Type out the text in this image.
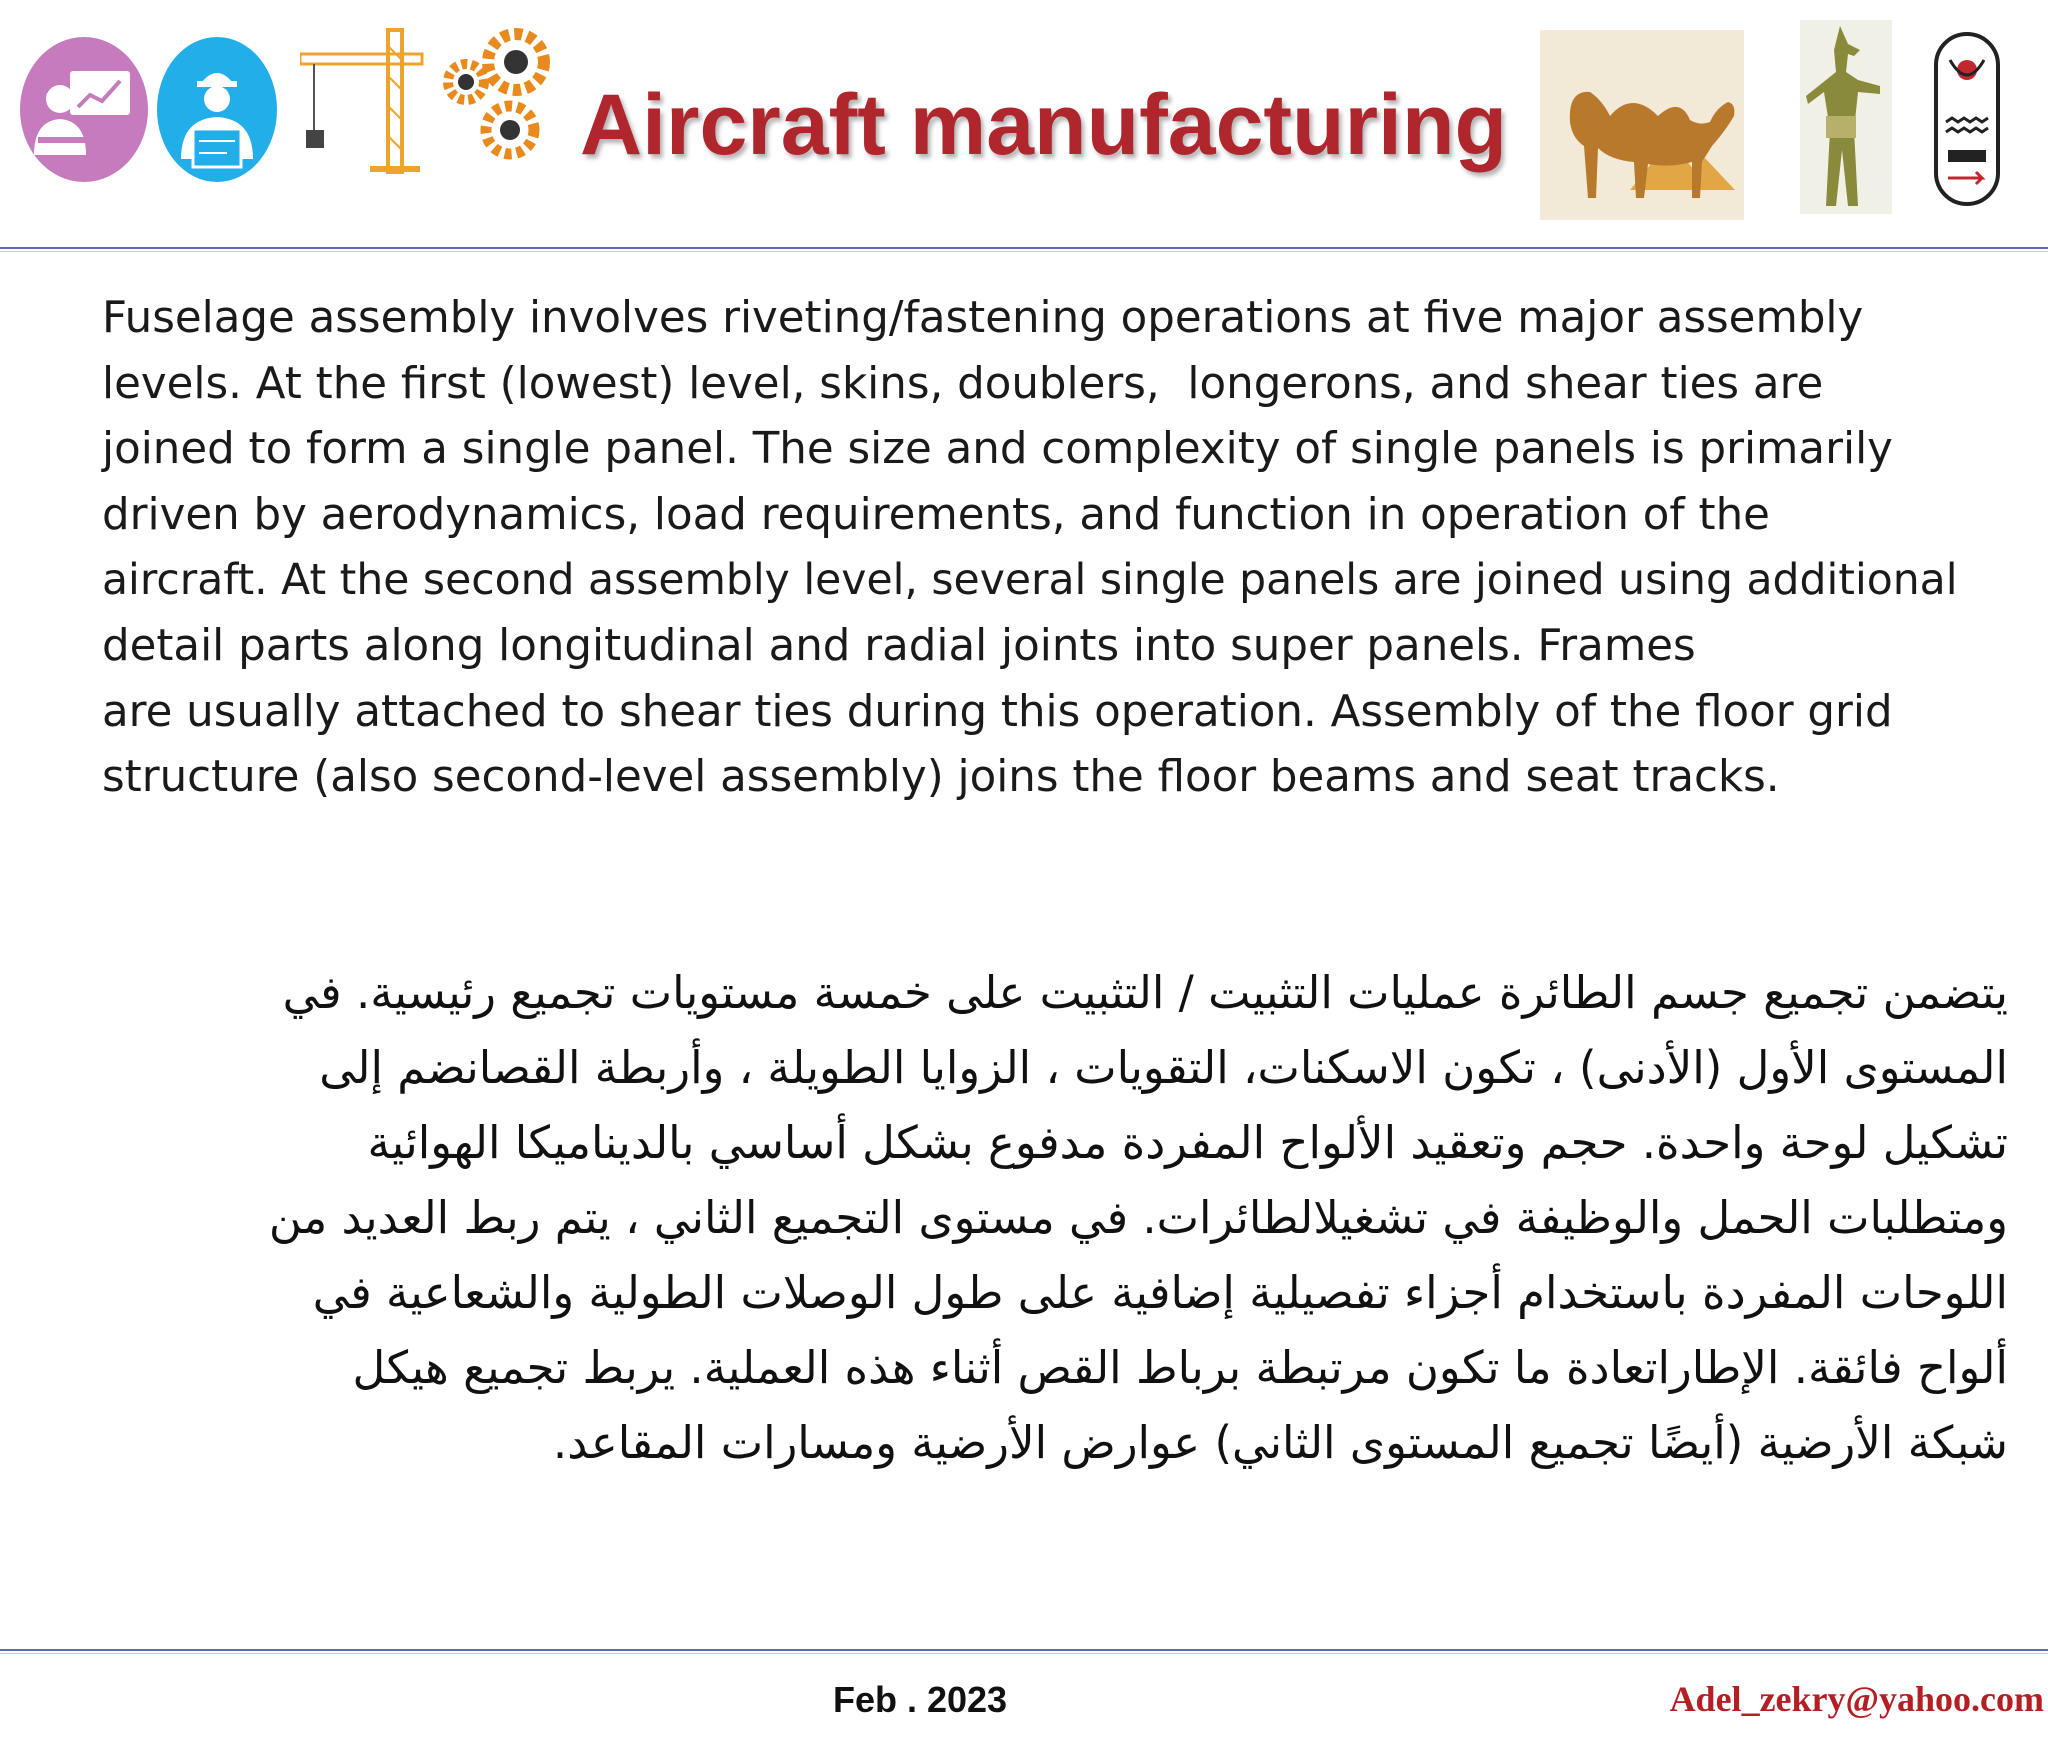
Aircraft manufacturing
Fuselage assembly involves riveting/fastening operations at five major assembly
levels. At the first (lowest) level, skins, doublers,  longerons, and shear ties are
joined to form a single panel. The size and complexity of single panels is primarily
driven by aerodynamics, load requirements, and function in operation of the
aircraft. At the second assembly level, several single panels are joined using additional
detail parts along longitudinal and radial joints into super panels. Frames
are usually attached to shear ties during this operation. Assembly of the floor grid
structure (also second-level assembly) joins the floor beams and seat tracks.
يتضمن تجميع جسم الطائرة عمليات التثبيت / التثبيت على خمسة مستويات تجميع رئيسية. في
المستوى الأول (الأدنى) ، تكون الاسكنات، التقويات ، الزوايا الطويلة ، وأربطة القصانضم إلى
تشكيل لوحة واحدة. حجم وتعقيد الألواح المفردة مدفوع بشكل أساسي بالديناميكا الهوائية
ومتطلبات الحمل والوظيفة في تشغيلالطائرات. في مستوى التجميع الثاني ، يتم ربط العديد من
اللوحات المفردة باستخدام أجزاء تفصيلية إضافية على طول الوصلات الطولية والشعاعية في
ألواح فائقة. الإطاراتعادة ما تكون مرتبطة برباط القص أثناء هذه العملية. يربط تجميع هيكل
شبكة الأرضية (أيضًا تجميع المستوى الثاني) عوارض الأرضية ومسارات المقاعد.
Feb . 2023	Adel_zekry@yahoo.com
